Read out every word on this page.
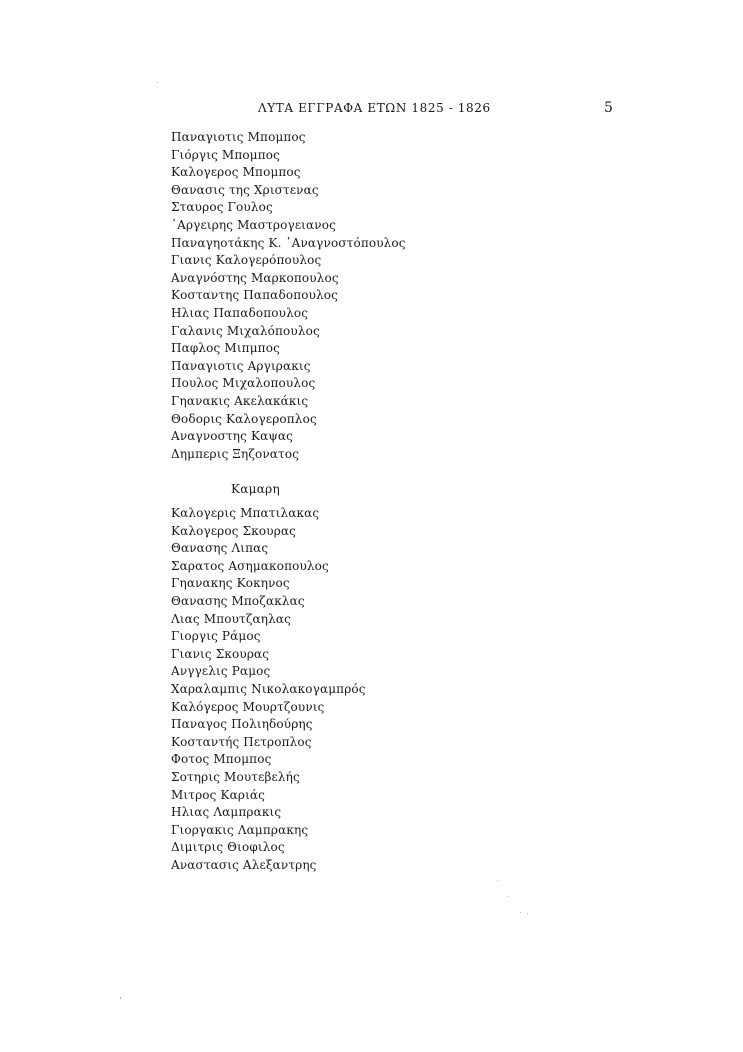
ΛΥΤΑ ΕΓΓΡΑΦΑ ΕΤΩΝ 1825 - 1826	5
Παναγιοτις Μπομπος
Γιόργις Μπομπος
Καλογερος Μπομπος
Θανασις της Χριστενας
Σταυρος Γουλος
᾿Αργειρης Μαστρογειανος
Παναγηοτάκης Κ. ᾿Αναγνοστόπουλος
Γιανις Καλογερόπουλος
Αναγνόστης Μαρκοπουλος
Κοσταντης Παπαδοπουλος
Ηλιας Παπαδοπουλος
Γαλανις Μιχαλόπουλος
Παφλος Μιπμπος
Παναγιοτις Αργιρακις
Πουλος Μιχαλοπουλος
Γηανακις Ακελακάκις
Θοδορις Καλογεροπλος
Αναγνοστης Καψας
Δημπερις Ξηζονατος
Καμαρη
Καλογερις Μπατιλακας
Καλογερος Σκουρας
Θανασης Λιπας
Σαρατος Ασημακοπουλος
Γηανακης Κοκηνος
Θανασης Μποζακλας
Λιας Μπουτζαηλας
Γιοργις Ράμος
Γιανις Σκουρας
Ανγγελις Ραμος
Χαραλαμπις Νικολακογαμπρός
Καλόγερος Μουρτζουνις
Παναγος Πολιηδούρης
Κοσταντής Πετροπλος
Φοτος Μπομπος
Σοτηρις Μουτεβελής
Μιτρος Καριάς
Ηλιας Λαμπρακις
Γιοργακις Λαμπρακης
Διμιτρις Θιοφιλος
Αναστασις Αλεξαντρης
